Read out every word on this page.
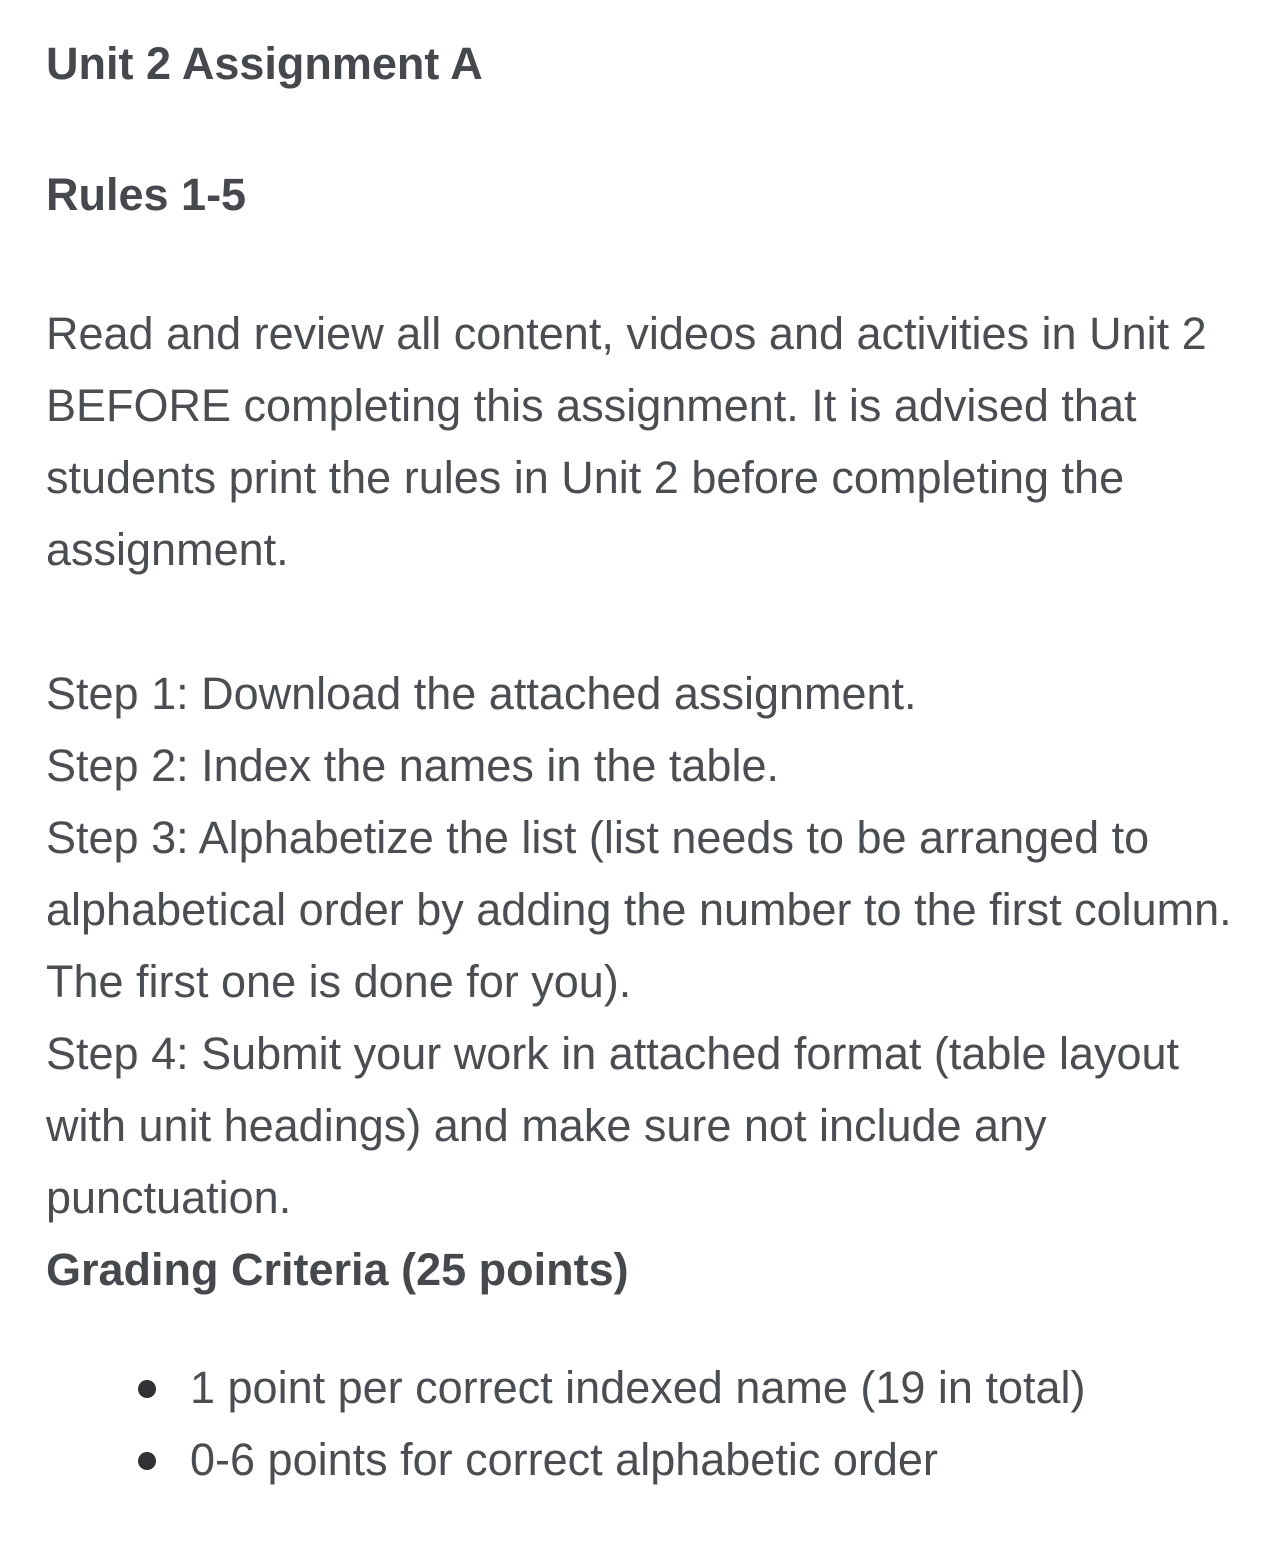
Unit 2 Assignment A
Rules 1-5

Read and review all content, videos and activities in Unit 2 BEFORE completing this assignment. It is advised that students print the rules in Unit 2 before completing the assignment.

Step 1: Download the attached assignment.

Step 2: Index the names in the table.

Step 3: Alphabetize the list (list needs to be arranged to alphabetical order by adding the number to the first column. The first one is done for you).

Step 4: Submit your work in attached format (table layout with unit headings) and make sure not include any punctuation.

Grading Criteria (25 points)
1 point per correct indexed name (19 in total)
0-6 points for correct alphabetic order
